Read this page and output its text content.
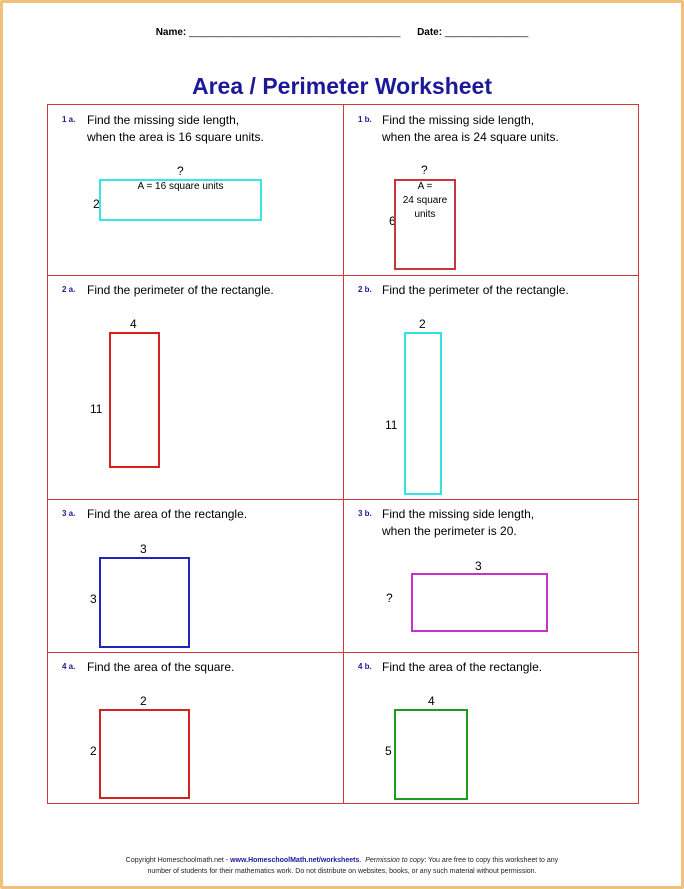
Name: ______________________________________ Date: _______________
Area / Perimeter Worksheet
1 a. Find the missing side length,
when the area is 16 square units.
?
2
A = 16 square units
1 b. Find the missing side length,
when the area is 24 square units.
?
6
A =
24 square
units
2 a. Find the perimeter of the rectangle.
4
11
2 b. Find the perimeter of the rectangle.
2
11
3 a. Find the area of the rectangle.
3
3
3 b. Find the missing side length,
when the perimeter is 20.
3
?
4 a. Find the area of the square.
2
2
4 b. Find the area of the rectangle.
4
5
Copyright Homeschoolmath.net - www.HomeschoolMath.net/worksheets.  Permission to copy: You are free to copy this worksheet to any
number of students for their mathematics work. Do not distribute on websites, books, or any such material without permission.
